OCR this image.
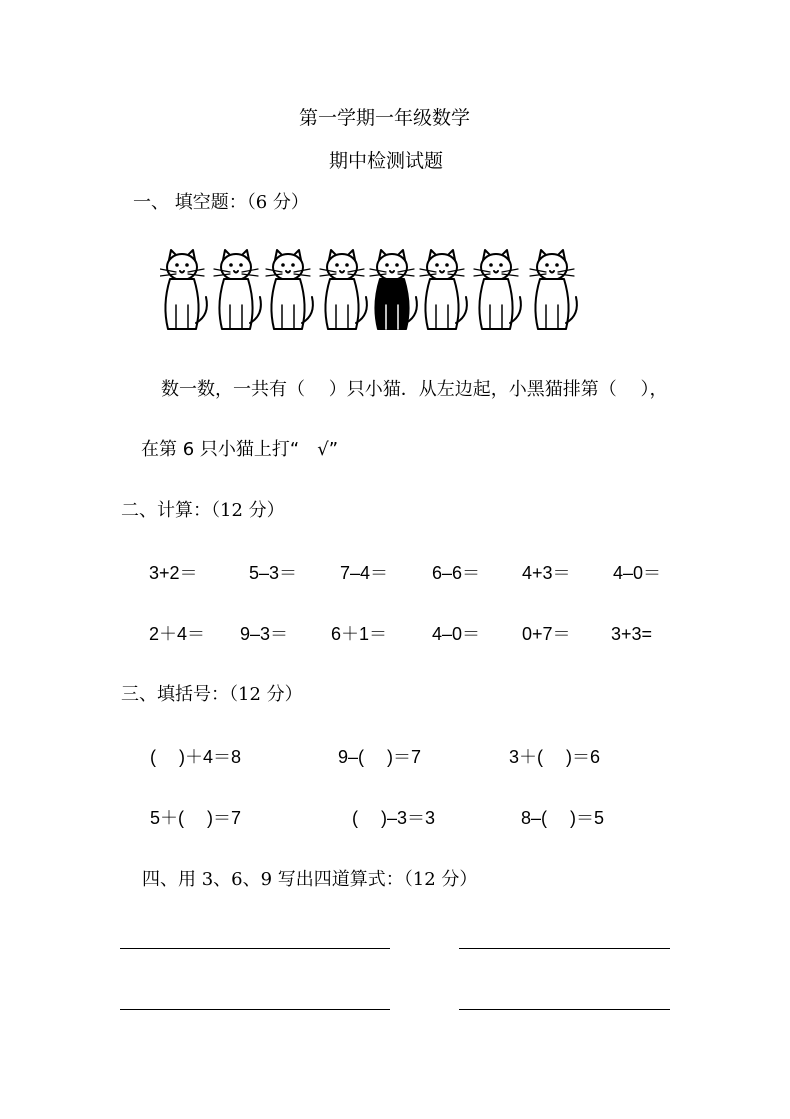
第一学期一年级数学
期中检测试题
一、 填空题：（6 分）
数一数，一共有（　 ）只小猫．从左边起，小黑猫排第（　 ），
在第 6 只小猫上打“　√”
二、计算：（12 分）
3+2＝	5–3＝ 7–4＝ 6–6＝ 4+3＝ 4–0＝
2＋4＝ 9–3＝ 6＋1＝ 4–0＝ 0+7＝ 3+3=
三、填括号：（12 分）
(　 )＋4＝8	9–(　 )＝7	3＋(　 )＝6
5＋(　 )＝7	(　 )–3＝3	8–(　 )＝5
四、用 3、6、9 写出四道算式：（12 分）
